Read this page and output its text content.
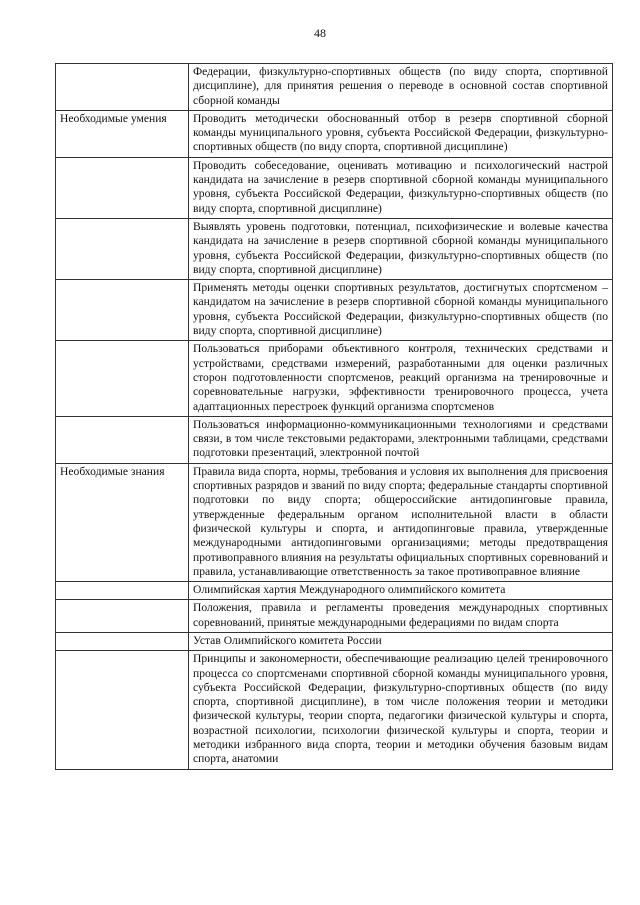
48
	Федерации, физкультурно-спортивных обществ (по виду спорта, спортивной дисциплине), для принятия решения о переводе в основной состав спортивной сборной команды
Необходимые умения	Проводить методически обоснованный отбор в резерв спортивной сборной команды муниципального уровня, субъекта Российской Федерации, физкультурно-спортивных обществ (по виду спорта, спортивной дисциплине)
	Проводить собеседование, оценивать мотивацию и психологический настрой кандидата на зачисление в резерв спортивной сборной команды муниципального уровня, субъекта Российской Федерации, физкультурно-спортивных обществ (по виду спорта, спортивной дисциплине)
	Выявлять уровень подготовки, потенциал, психофизические и волевые качества кандидата на зачисление в резерв спортивной сборной команды муниципального уровня, субъекта Российской Федерации, физкультурно-спортивных обществ (по виду спорта, спортивной дисциплине)
	Применять методы оценки спортивных результатов, достигнутых спортсменом – кандидатом на зачисление в резерв спортивной сборной команды муниципального уровня, субъекта Российской Федерации, физкультурно-спортивных обществ (по виду спорта, спортивной дисциплине)
	Пользоваться приборами объективного контроля, технических средствами и устройствами, средствами измерений, разработанными для оценки различных сторон подготовленности спортсменов, реакций организма на тренировочные и соревновательные нагрузки, эффективности тренировочного процесса, учета адаптационных перестроек функций организма спортсменов
	Пользоваться информационно-коммуникационными технологиями и средствами связи, в том числе текстовыми редакторами, электронными таблицами, средствами подготовки презентаций, электронной почтой
Необходимые знания	Правила вида спорта, нормы, требования и условия их выполнения для присвоения спортивных разрядов и званий по виду спорта; федеральные стандарты спортивной подготовки по виду спорта; общероссийские антидопинговые правила, утвержденные федеральным органом исполнительной власти в области физической культуры и спорта, и антидопинговые правила, утвержденные международными антидопинговыми организациями; методы предотвращения противоправного влияния на результаты официальных спортивных соревнований и правила, устанавливающие ответственность за такое противоправное влияние
	Олимпийская хартия Международного олимпийского комитета
	Положения, правила и регламенты проведения международных спортивных соревнований, принятые международными федерациями по видам спорта
	Устав Олимпийского комитета России
	Принципы и закономерности, обеспечивающие реализацию целей тренировочного процесса со спортсменами спортивной сборной команды муниципального уровня, субъекта Российской Федерации, физкультурно-спортивных обществ (по виду спорта, спортивной дисциплине), в том числе положения теории и методики физической культуры, теории спорта, педагогики физической культуры и спорта, возрастной психологии, психологии физической культуры и спорта, теории и методики избранного вида спорта, теории и методики обучения базовым видам спорта, анатомии
